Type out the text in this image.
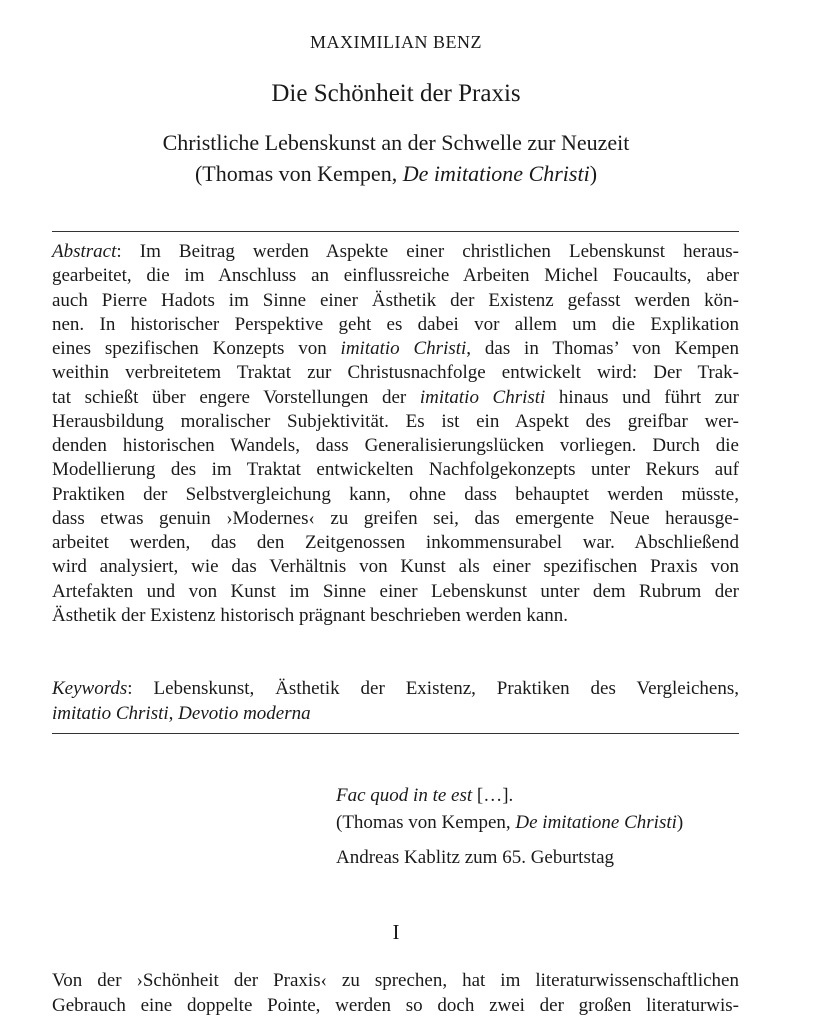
MAXIMILIAN BENZ
Die Schönheit der Praxis
Christliche Lebenskunst an der Schwelle zur Neuzeit
(Thomas von Kempen, De imitatione Christi)
Abstract: Im Beitrag werden Aspekte einer christlichen Lebenskunst heraus-
gearbeitet, die im Anschluss an einflussreiche Arbeiten Michel Foucaults, aber
auch Pierre Hadots im Sinne einer Ästhetik der Existenz gefasst werden kön-
nen. In historischer Perspektive geht es dabei vor allem um die Explikation
eines spezifischen Konzepts von imitatio Christi, das in Thomas’ von Kempen
weithin verbreitetem Traktat zur Christusnachfolge entwickelt wird: Der Trak-
tat schießt über engere Vorstellungen der imitatio Christi hinaus und führt zur
Herausbildung moralischer Subjektivität. Es ist ein Aspekt des greifbar wer-
denden historischen Wandels, dass Generalisierungslücken vorliegen. Durch die
Modellierung des im Traktat entwickelten Nachfolgekonzepts unter Rekurs auf
Praktiken der Selbstvergleichung kann, ohne dass behauptet werden müsste,
dass etwas genuin ›Modernes‹ zu greifen sei, das emergente Neue herausge-
arbeitet werden, das den Zeitgenossen inkommensurabel war. Abschließend
wird analysiert, wie das Verhältnis von Kunst als einer spezifischen Praxis von
Artefakten und von Kunst im Sinne einer Lebenskunst unter dem Rubrum der
Ästhetik der Existenz historisch prägnant beschrieben werden kann.
Keywords: Lebenskunst, Ästhetik der Existenz, Praktiken des Vergleichens,
imitatio Christi, Devotio moderna
Fac quod in te est […].
(Thomas von Kempen, De imitatione Christi)
Andreas Kablitz zum 65. Geburtstag
I
Von der ›Schönheit der Praxis‹ zu sprechen, hat im literaturwissenschaftlichen
Gebrauch eine doppelte Pointe, werden so doch zwei der großen literaturwis-
